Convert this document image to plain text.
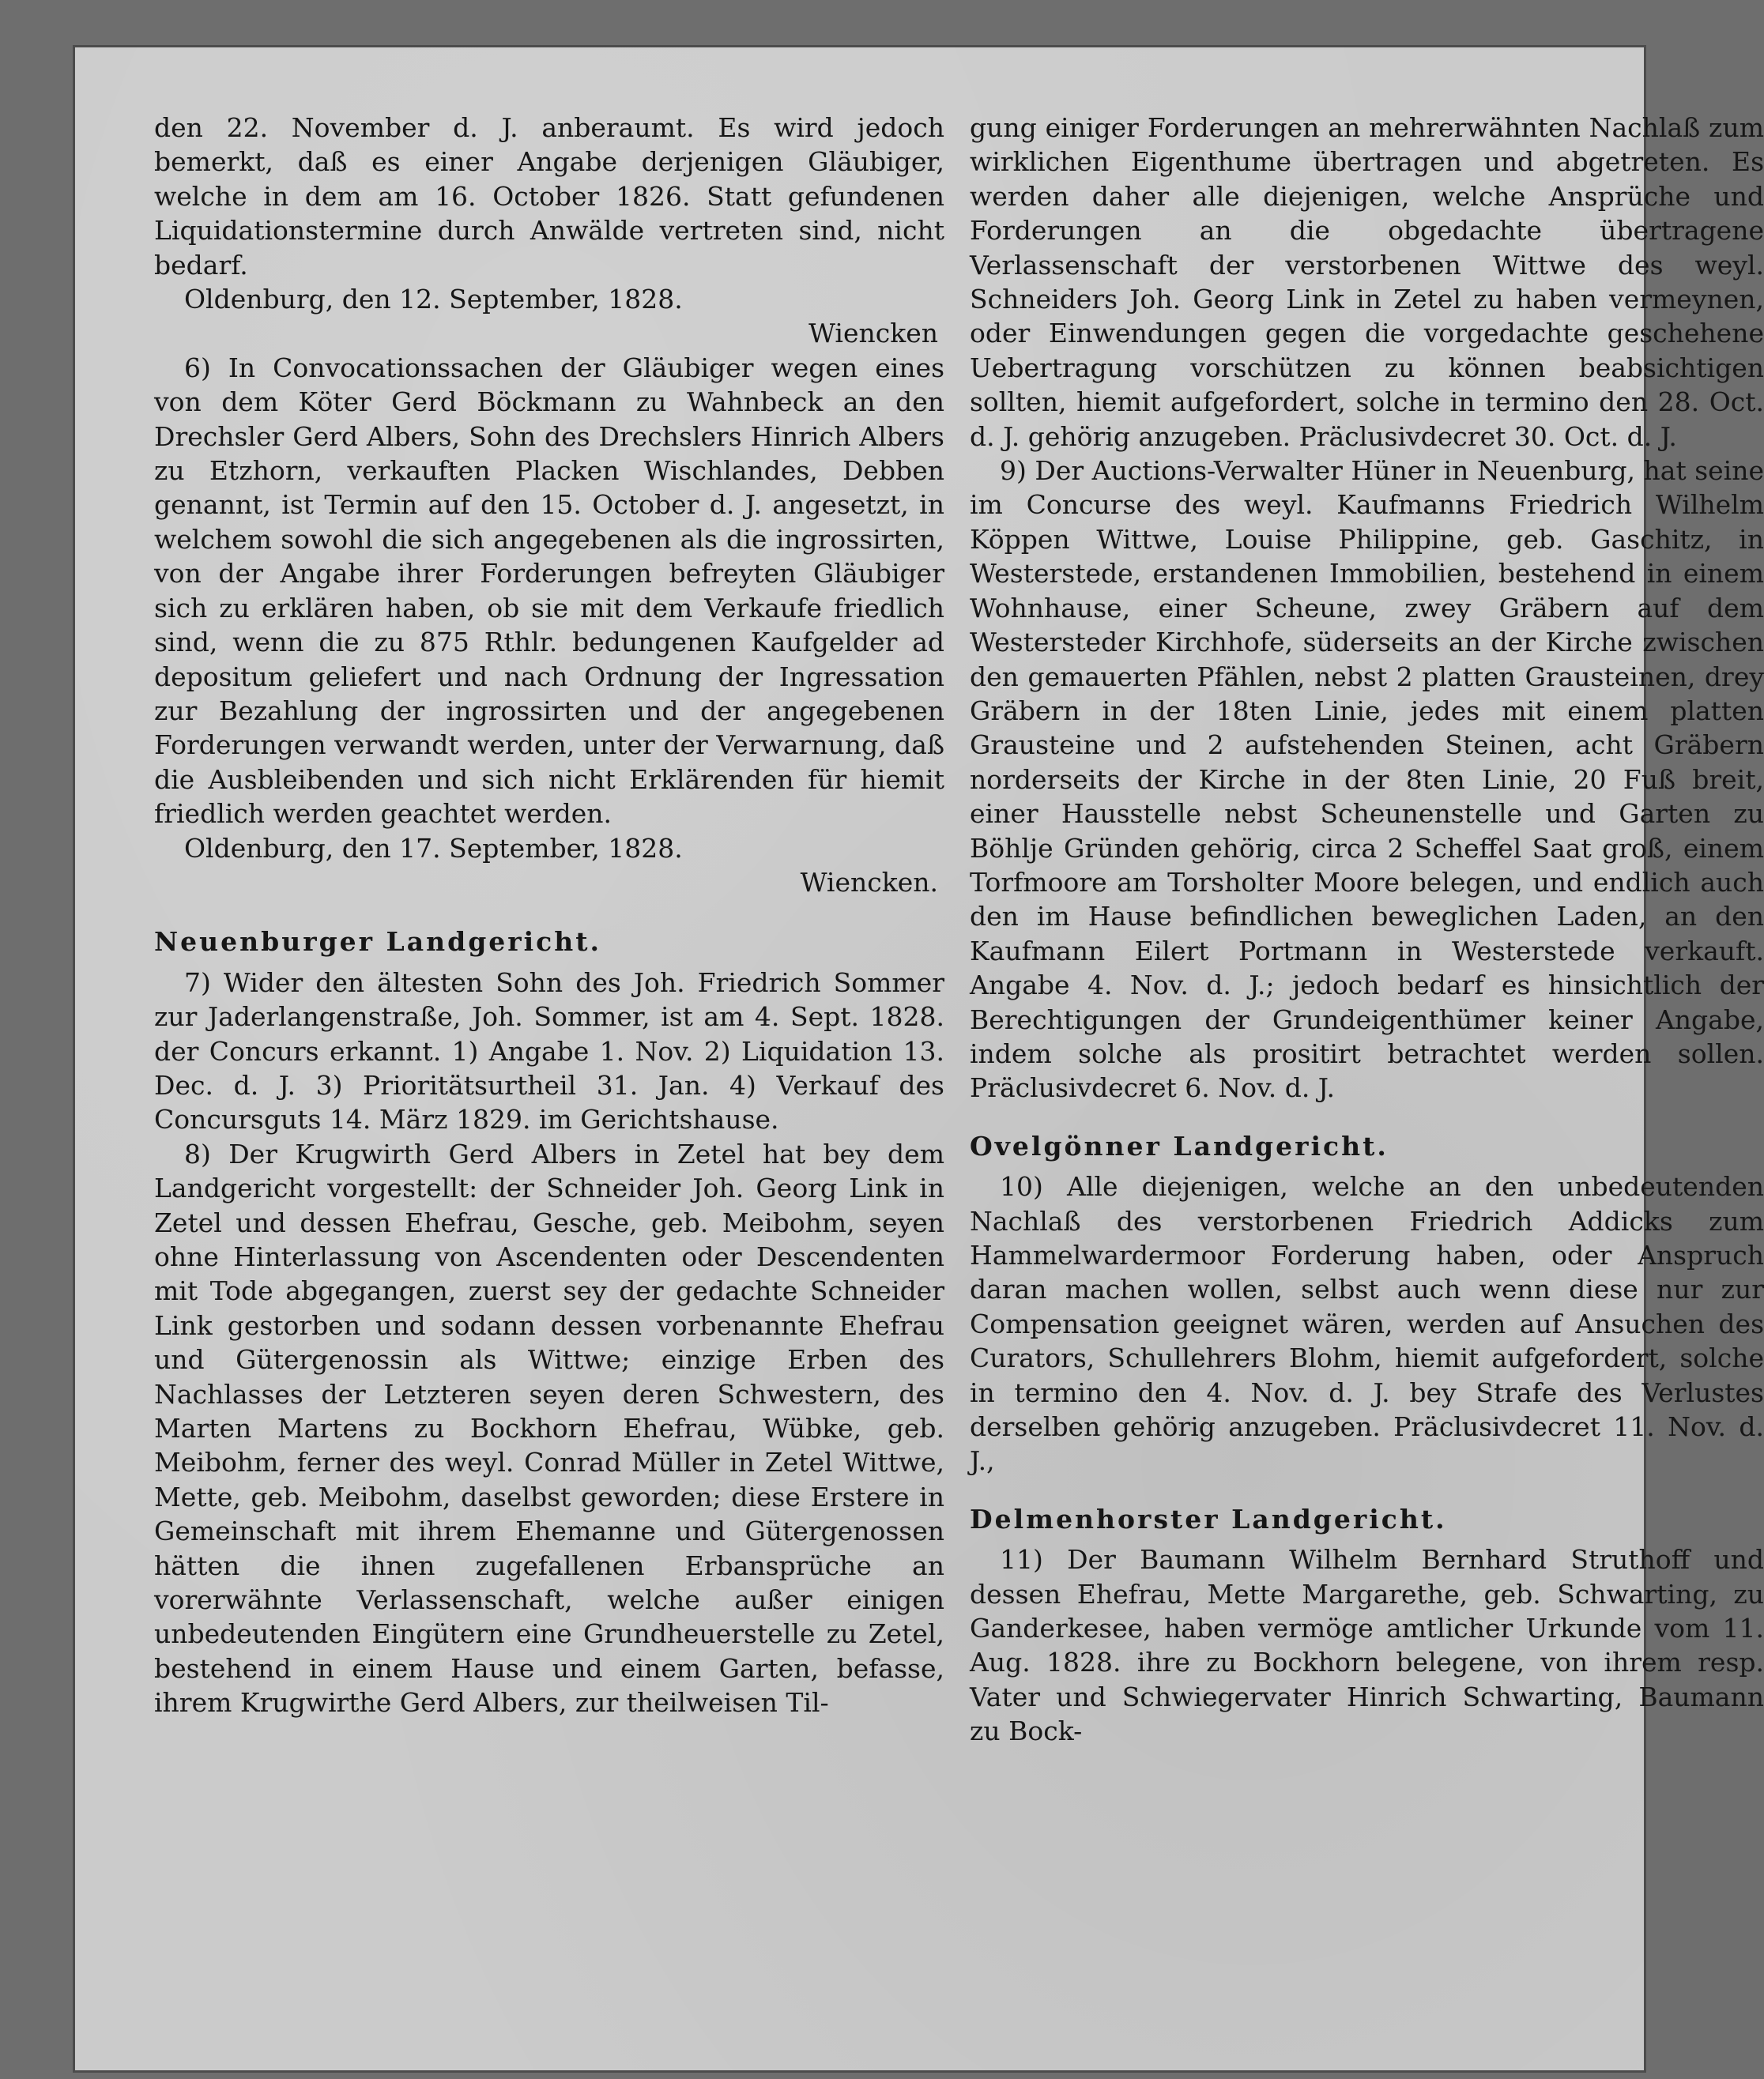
den 22. November d. J. anberaumt. Es wird jedoch bemerkt, daß es einer Angabe derjenigen Gläubiger, welche in dem am 16. October 1826. Statt gefundenen Liquidationstermine durch Anwälde vertreten sind, nicht bedarf.

Oldenburg, den 12. September, 1828.

Wiencken

6) In Convocationssachen der Gläubiger wegen eines von dem Köter Gerd Böckmann zu Wahnbeck an den Drechsler Gerd Albers, Sohn des Drechslers Hinrich Albers zu Etzhorn, verkauften Placken Wischlandes, Debben genannt, ist Termin auf den 15. October d. J. angesetzt, in welchem sowohl die sich angegebenen als die ingrossirten, von der Angabe ihrer Forderungen befreyten Gläubiger sich zu erklären haben, ob sie mit dem Verkaufe friedlich sind, wenn die zu 875 Rthlr. bedungenen Kaufgelder ad depositum geliefert und nach Ordnung der Ingressation zur Bezahlung der ingrossirten und der angegebenen Forderungen verwandt werden, unter der Verwarnung, daß die Ausbleibenden und sich nicht Erklärenden für hiemit friedlich werden geachtet werden.

Oldenburg, den 17. September, 1828.

Wiencken.

Neuenburger Landgericht.

7) Wider den ältesten Sohn des Joh. Friedrich Sommer zur Jaderlangenstraße, Joh. Sommer, ist am 4. Sept. 1828. der Concurs erkannt. 1) Angabe 1. Nov. 2) Liquidation 13. Dec. d. J. 3) Prioritätsurtheil 31. Jan. 4) Verkauf des Concursguts 14. März 1829. im Gerichtshause.

8) Der Krugwirth Gerd Albers in Zetel hat bey dem Landgericht vorgestellt: der Schneider Joh. Georg Link in Zetel und dessen Ehefrau, Gesche, geb. Meibohm, seyen ohne Hinterlassung von Ascendenten oder Descendenten mit Tode abgegangen, zuerst sey der gedachte Schneider Link gestorben und sodann dessen vorbenannte Ehefrau und Gütergenossin als Wittwe; einzige Erben des Nachlasses der Letzteren seyen deren Schwestern, des Marten Martens zu Bockhorn Ehefrau, Wübke, geb. Meibohm, ferner des weyl. Conrad Müller in Zetel Wittwe, Mette, geb. Meibohm, daselbst geworden; diese Erstere in Gemeinschaft mit ihrem Ehemanne und Gütergenossen hätten die ihnen zugefallenen Erbansprüche an vorerwähnte Verlassenschaft, welche außer einigen unbedeutenden Eingütern eine Grundheuerstelle zu Zetel, bestehend in einem Hause und einem Garten, befasse, ihrem Krugwirthe Gerd Albers, zur theilweisen Til-

gung einiger Forderungen an mehrerwähnten Nachlaß zum wirklichen Eigenthume übertragen und abgetreten. Es werden daher alle diejenigen, welche Ansprüche und Forderungen an die obgedachte übertragene Verlassenschaft der verstorbenen Wittwe des weyl. Schneiders Joh. Georg Link in Zetel zu haben vermeynen, oder Einwendungen gegen die vorgedachte geschehene Uebertragung vorschützen zu können beabsichtigen sollten, hiemit aufgefordert, solche in termino den 28. Oct. d. J. gehörig anzugeben. Präclusivdecret 30. Oct. d. J.

9) Der Auctions-Verwalter Hüner in Neuenburg, hat seine im Concurse des weyl. Kaufmanns Friedrich Wilhelm Köppen Wittwe, Louise Philippine, geb. Gaschitz, in Westerstede, erstandenen Immobilien, bestehend in einem Wohnhause, einer Scheune, zwey Gräbern auf dem Westersteder Kirchhofe, süderseits an der Kirche zwischen den gemauerten Pfählen, nebst 2 platten Grausteinen, drey Gräbern in der 18ten Linie, jedes mit einem platten Grausteine und 2 aufstehenden Steinen, acht Gräbern norderseits der Kirche in der 8ten Linie, 20 Fuß breit, einer Hausstelle nebst Scheunenstelle und Garten zu Böhlje Gründen gehörig, circa 2 Scheffel Saat groß, einem Torfmoore am Torsholter Moore belegen, und endlich auch den im Hause befindlichen beweglichen Laden, an den Kaufmann Eilert Portmann in Westerstede verkauft. Angabe 4. Nov. d. J.; jedoch bedarf es hinsichtlich der Berechtigungen der Grundeigenthümer keiner Angabe, indem solche als prositirt betrachtet werden sollen. Präclusivdecret 6. Nov. d. J.

Ovelgönner Landgericht.

10) Alle diejenigen, welche an den unbedeutenden Nachlaß des verstorbenen Friedrich Addicks zum Hammelwardermoor Forderung haben, oder Anspruch daran machen wollen, selbst auch wenn diese nur zur Compensation geeignet wären, werden auf Ansuchen des Curators, Schullehrers Blohm, hiemit aufgefordert, solche in termino den 4. Nov. d. J. bey Strafe des Verlustes derselben gehörig anzugeben. Präclusivdecret 11. Nov. d. J.,

Delmenhorster Landgericht.

11) Der Baumann Wilhelm Bernhard Struthoff und dessen Ehefrau, Mette Margarethe, geb. Schwarting, zu Ganderkesee, haben vermöge amtlicher Urkunde vom 11. Aug. 1828. ihre zu Bockhorn belegene, von ihrem resp. Vater und Schwiegervater Hinrich Schwarting, Baumann zu Bock-
